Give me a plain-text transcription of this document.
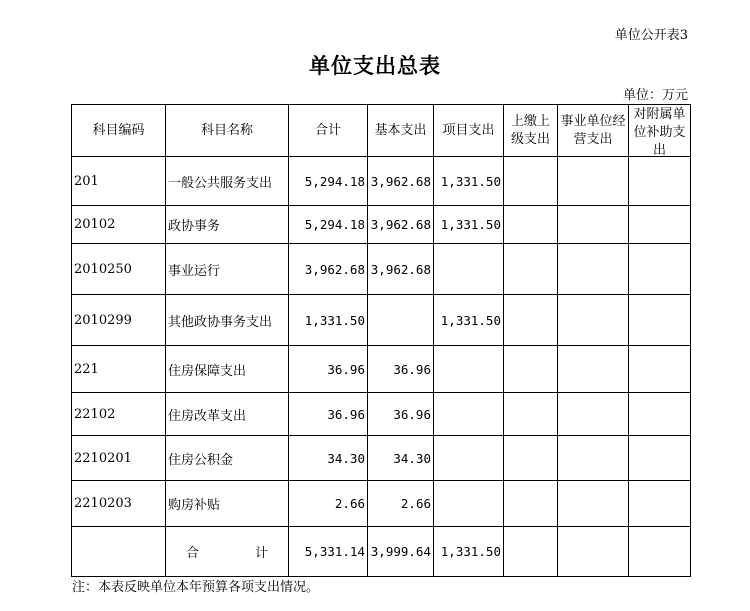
单位公开表3
单位支出总表
单位：万元
科目编码	科目名称	合计	基本支出	项目支出	上缴上级支出	事业单位经营支出	对附属单位补助支出

201	一般公共服务支出	5,294.18	3,962.68	1,331.50			
20102	政协事务	5,294.18	3,962.68	1,331.50			
2010250	事业运行	3,962.68	3,962.68				
2010299	其他政协事务支出	1,331.50		1,331.50			
221	住房保障支出	36.96	36.96				
22102	住房改革支出	36.96	36.96				
2210201	住房公积金	34.30	34.30				
2210203	购房补贴	2.66	2.66				
	合 计	5,331.14	3,999.64	1,331.50			
注：本表反映单位本年预算各项支出情况。
